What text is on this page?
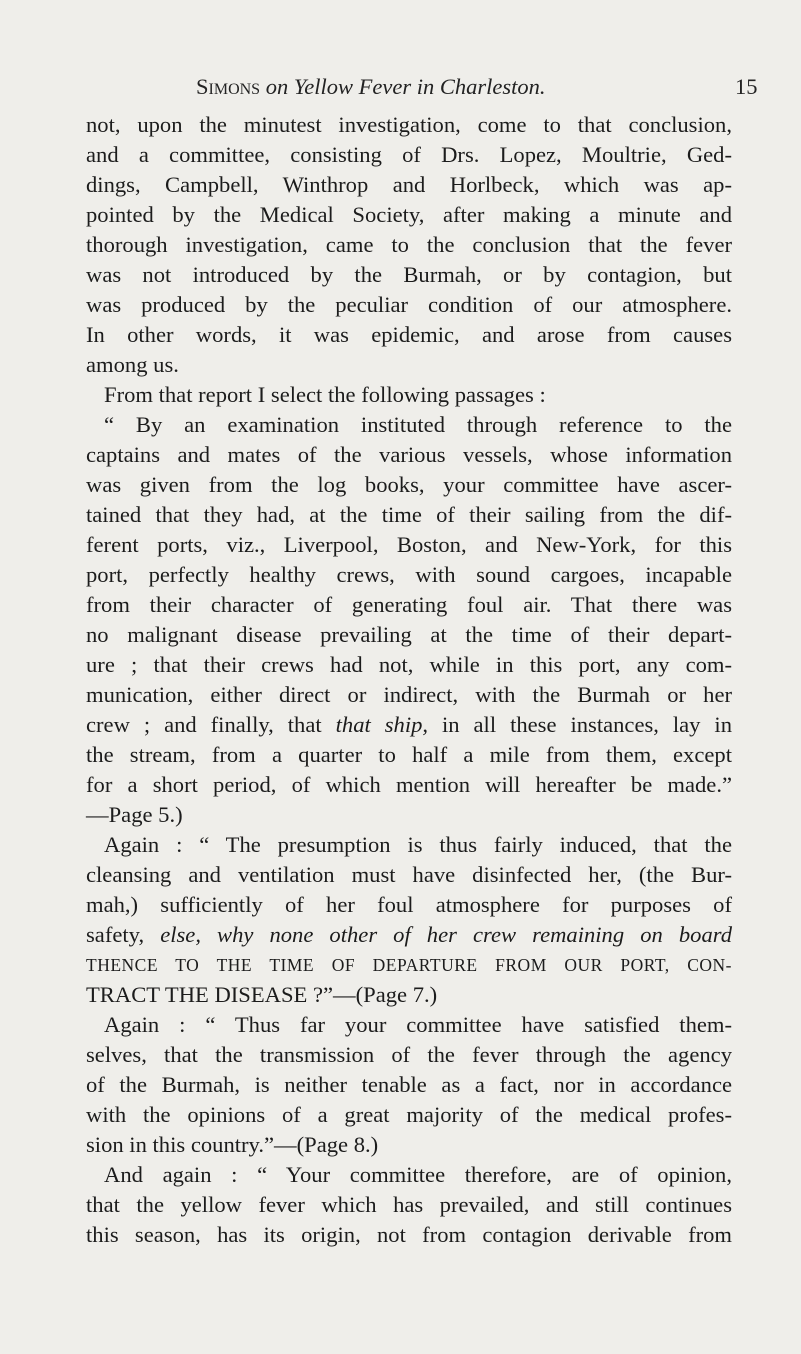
Simons on Yellow Fever in Charleston.	15
not, upon the minutest investigation, come to that conclusion,
and a committee, consisting of Drs. Lopez, Moultrie, Ged-
dings, Campbell, Winthrop and Horlbeck, which was ap-
pointed by the Medical Society, after making a minute and
thorough investigation, came to the conclusion that the fever
was not introduced by the Burmah, or by contagion, but
was produced by the peculiar condition of our atmosphere.
In other words, it was epidemic, and arose from causes
among us.
From that report I select the following passages :
“ By an examination instituted through reference to the
captains and mates of the various vessels, whose information
was given from the log books, your committee have ascer-
tained that they had, at the time of their sailing from the dif-
ferent ports, viz., Liverpool, Boston, and New-York, for this
port, perfectly healthy crews, with sound cargoes, incapable
from their character of generating foul air. That there was
no malignant disease prevailing at the time of their depart-
ure ; that their crews had not, while in this port, any com-
munication, either direct or indirect, with the Burmah or her
crew ; and finally, that that ship, in all these instances, lay in
the stream, from a quarter to half a mile from them, except
for a short period, of which mention will hereafter be made.”
—Page 5.)
Again : “ The presumption is thus fairly induced, that the
cleansing and ventilation must have disinfected her, (the Bur-
mah,) sufficiently of her foul atmosphere for purposes of
safety, else, why none other of her crew remaining on board
THENCE TO THE TIME OF DEPARTURE FROM OUR PORT, CON-
TRACT THE DISEASE ?”—(Page 7.)
Again : “ Thus far your committee have satisfied them-
selves, that the transmission of the fever through the agency
of the Burmah, is neither tenable as a fact, nor in accordance
with the opinions of a great majority of the medical profes-
sion in this country.”—(Page 8.)
And again : “ Your committee therefore, are of opinion,
that the yellow fever which has prevailed, and still continues
this season, has its origin, not from contagion derivable from
